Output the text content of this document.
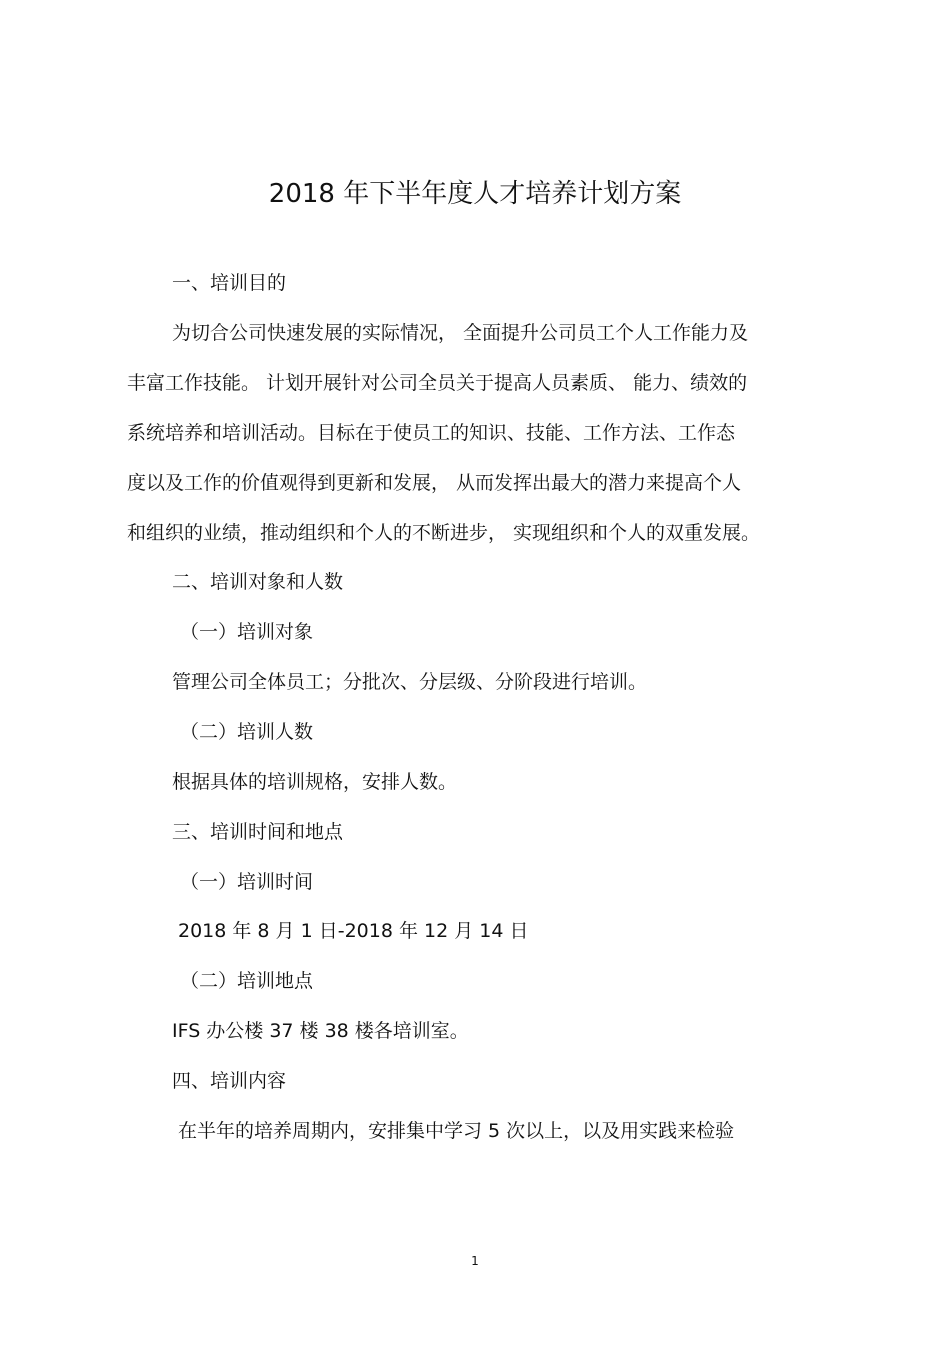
2018 年下半年度人才培养计划方案
一、培训目的
为切合公司快速发展的实际情况， 全面提升公司员工个人工作能力及
丰富工作技能。 计划开展针对公司全员关于提高人员素质、 能力、绩效的
系统培养和培训活动。目标在于使员工的知识、技能、工作方法、工作态
度以及工作的价值观得到更新和发展， 从而发挥出最大的潜力来提高个人
和组织的业绩，推动组织和个人的不断进步， 实现组织和个人的双重发展。
二、培训对象和人数
（一）培训对象
管理公司全体员工；分批次、分层级、分阶段进行培训。
（二）培训人数
根据具体的培训规格，安排人数。
三、培训时间和地点
（一）培训时间
2018 年 8 月 1 日-2018 年 12 月 14 日
（二）培训地点
IFS 办公楼 37 楼 38 楼各培训室。
四、培训内容
在半年的培养周期内，安排集中学习 5 次以上，以及用实践来检验
1
